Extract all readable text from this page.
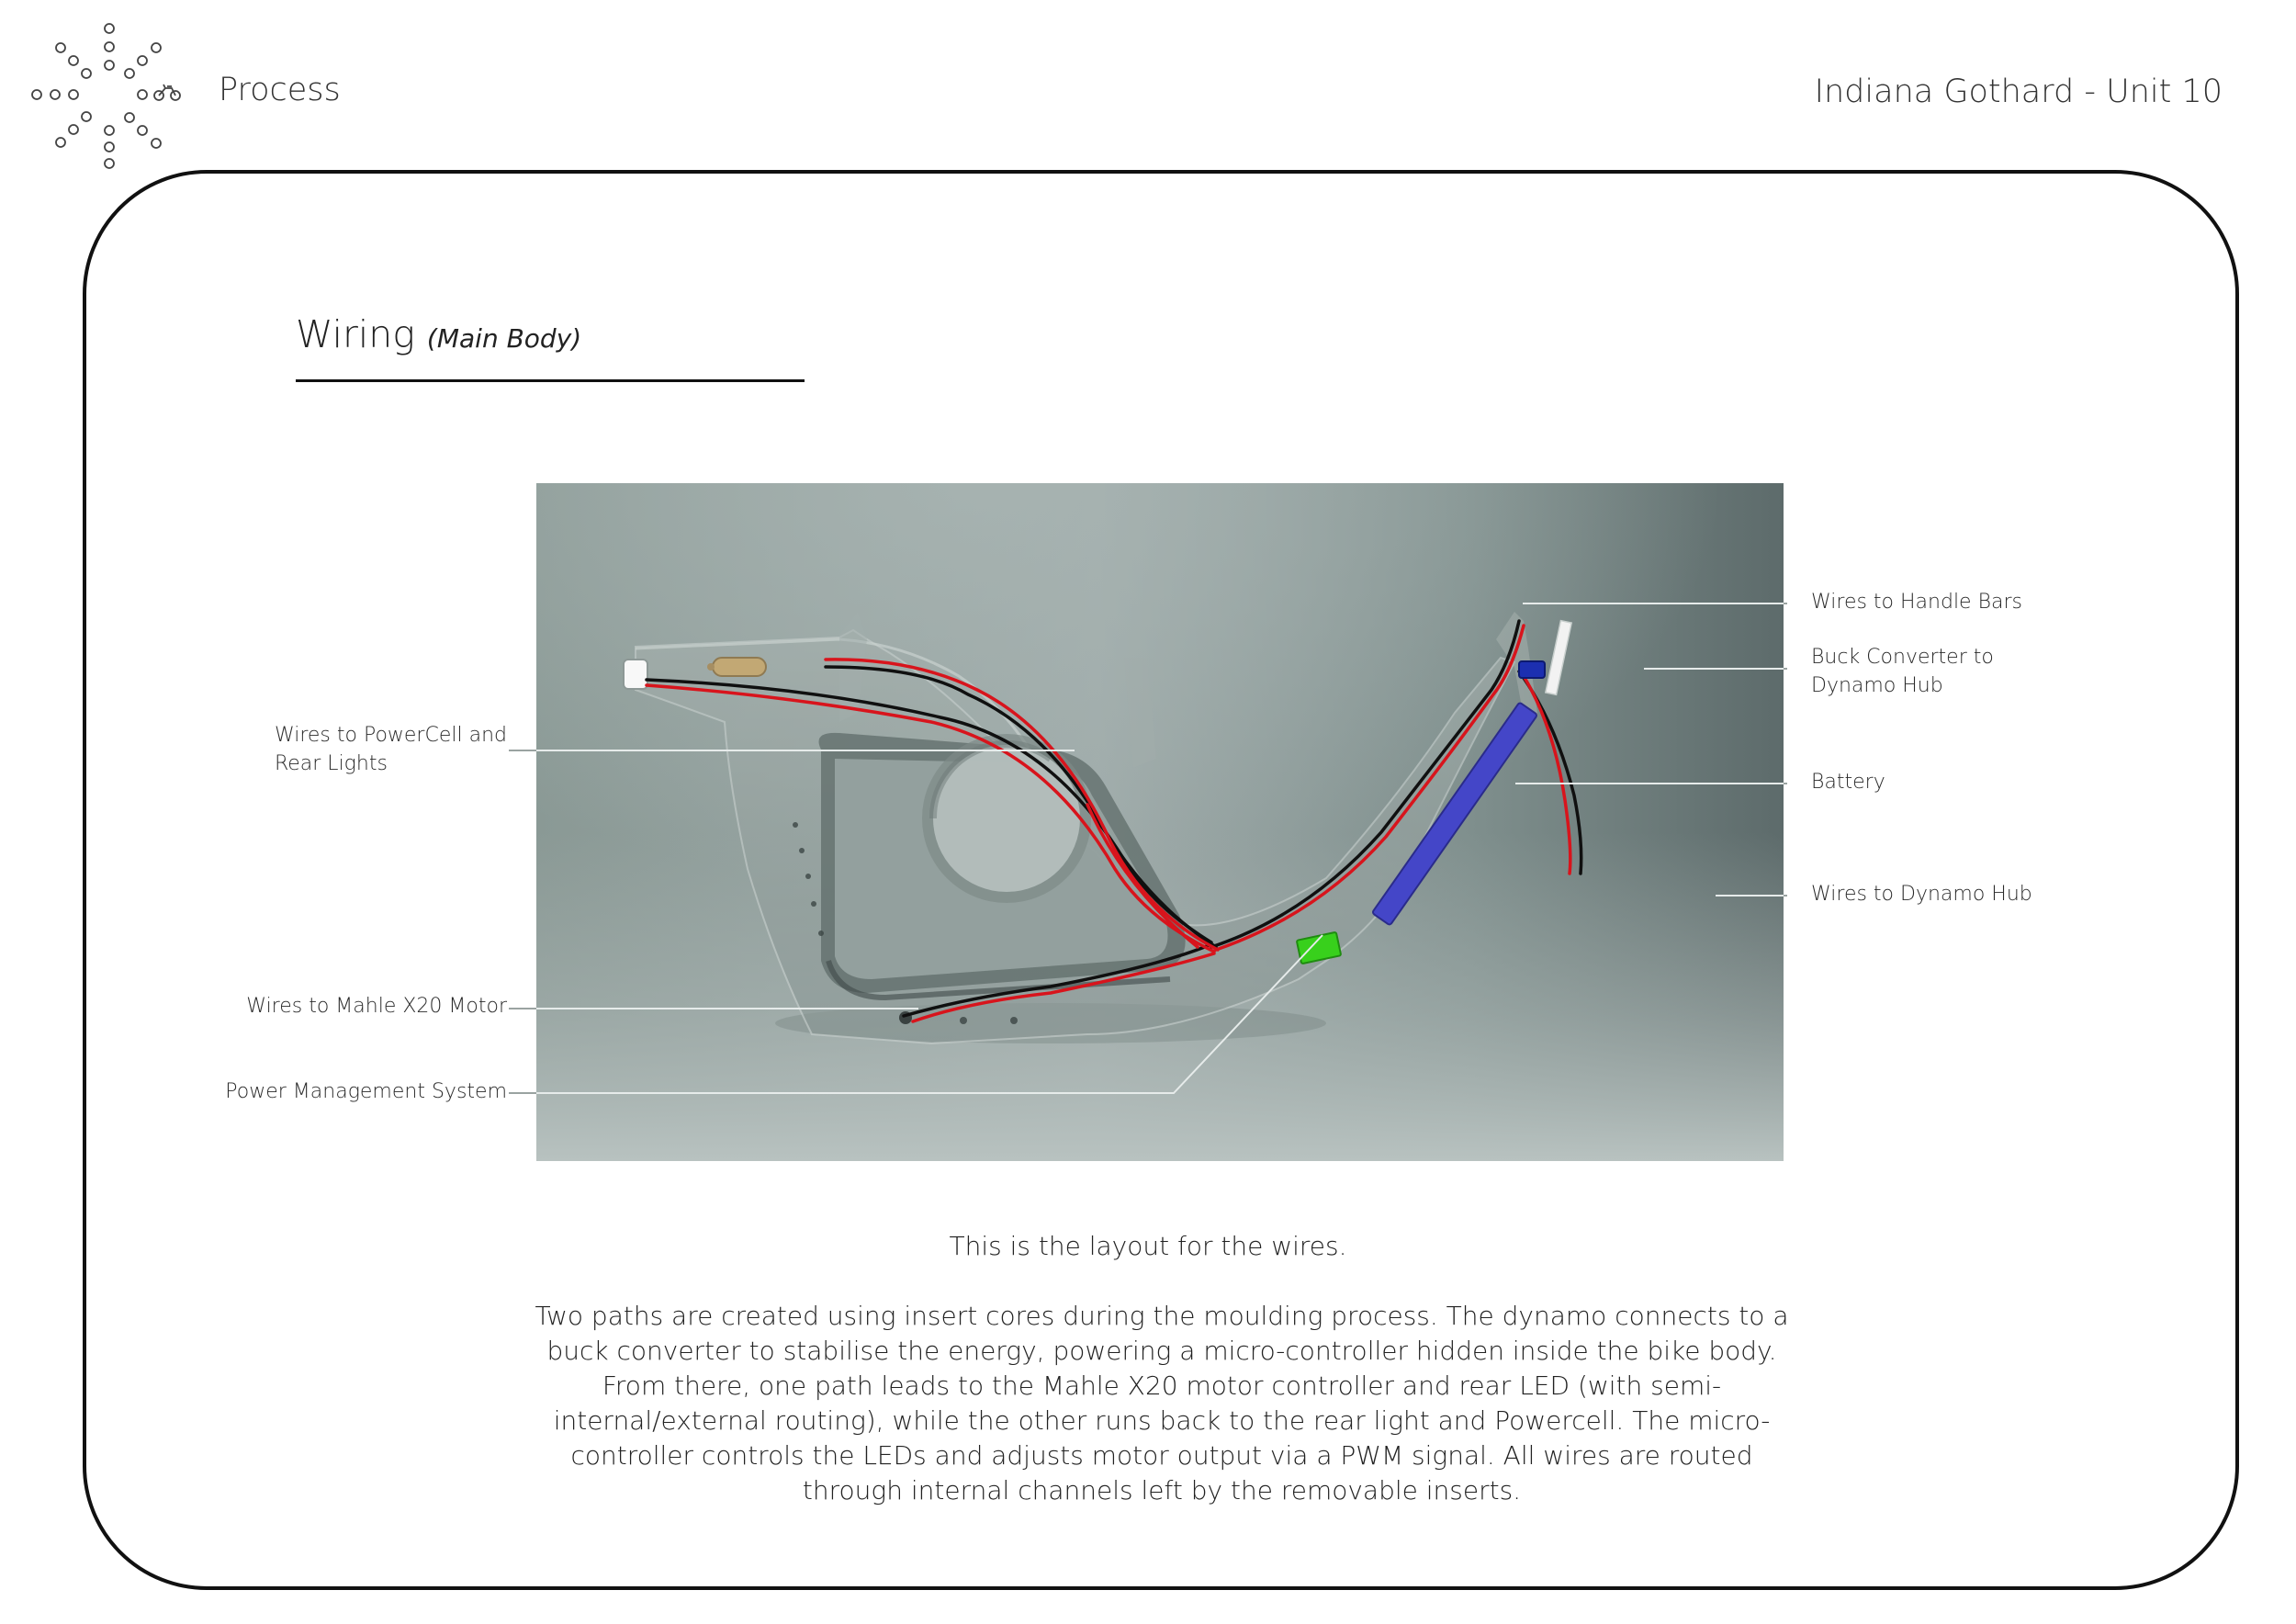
Process	Indiana Gothard - Unit 10

Wiring (Main Body)
Wires to PowerCell and
Rear Lights
Wires to Mahle X20 Motor
Power Management System
Wires to Handle Bars
Buck Converter to
Dynamo Hub
Battery
Wires to Dynamo Hub

This is the layout for the wires.

Two paths are created using insert cores during the moulding process. The dynamo connects to a buck converter to stabilise the energy, powering a micro-controller hidden inside the bike body. From there, one path leads to the Mahle X20 motor controller and rear LED (with semi-internal/external routing), while the other runs back to the rear light and Powercell. The micro-controller controls the LEDs and adjusts motor output via a PWM signal. All wires are routed through internal channels left by the removable inserts.
